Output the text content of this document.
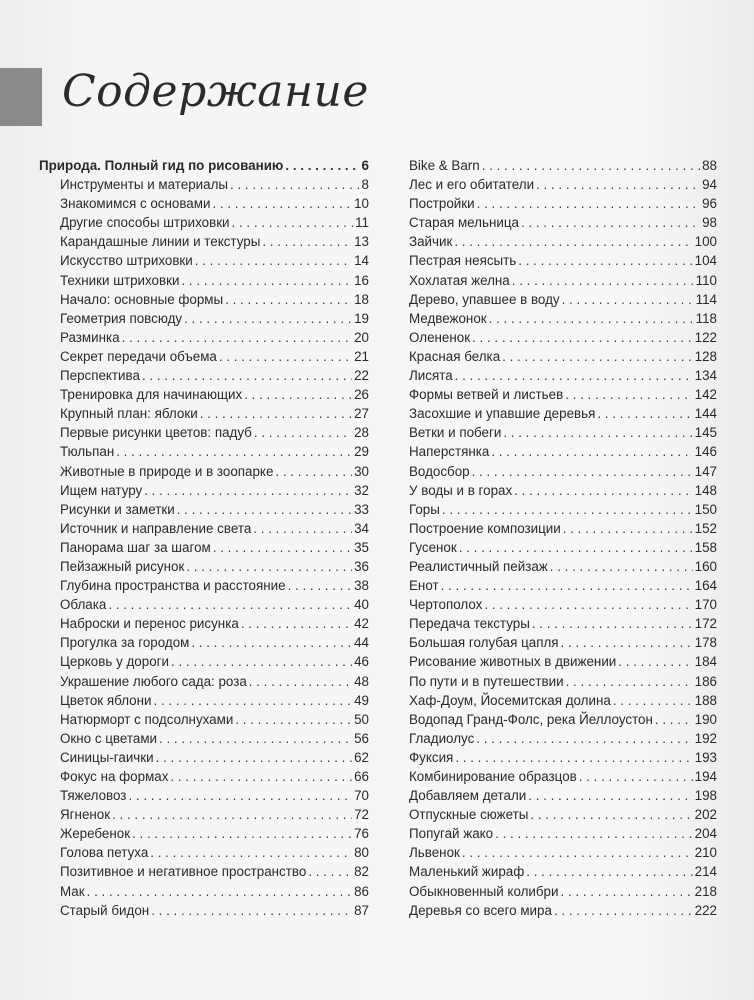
Содержание
Природа. Полный гид по рисованию . . .	6
Инструменты и материалы . . .	8
Знакомимся с основами . . .	10
Другие способы штриховки . . .	11
Карандашные линии и текстуры . . .	13
Искусство штриховки . . .	14
Техники штриховки . . .	16
Начало: основные формы . . .	18
Геометрия повсюду . . .	19
Разминка . . .	20
Секрет передачи объема . . .	21
Перспектива . . .	22
Тренировка для начинающих . . .	26
Крупный план: яблоки . . .	27
Первые рисунки цветов: падуб . . .	28
Тюльпан . . .	29
Животные в природе и в зоопарке . . .	30
Ищем натуру . . .	32
Рисунки и заметки . . .	33
Источник и направление света . . .	34
Панорама шаг за шагом . . .	35
Пейзажный рисунок . . .	36
Глубина пространства и расстояние . . .	38
Облака . . .	40
Наброски и перенос рисунка . . .	42
Прогулка за городом . . .	44
Церковь у дороги . . .	46
Украшение любого сада: роза . . .	48
Цветок яблони . . .	49
Натюрморт с подсолнухами . . .	50
Окно с цветами . . .	56
Синицы-гаички . . .	62
Фокус на формах . . .	66
Тяжеловоз . . .	70
Ягненок . . .	72
Жеребенок . . .	76
Голова петуха . . .	80
Позитивное и негативное пространство . . .	82
Мак . . .	86
Старый бидон . . .	87
Bike & Barn . . .	88
Лес и его обитатели . . .	94
Постройки . . .	96
Старая мельница . . .	98
Зайчик . . .	100
Пестрая неясыть . . .	104
Хохлатая желна . . .	110
Дерево, упавшее в воду . . .	114
Медвежонок . . .	118
Олененок . . .	122
Красная белка . . .	128
Лисята . . .	134
Формы ветвей и листьев . . .	142
Засохшие и упавшие деревья . . .	144
Ветки и побеги . . .	145
Наперстянка . . .	146
Водосбор . . .	147
У воды и в горах . . .	148
Горы . . .	150
Построение композиции . . .	152
Гусенок . . .	158
Реалистичный пейзаж . . .	160
Енот . . .	164
Чертополох . . .	170
Передача текстуры . . .	172
Большая голубая цапля . . .	178
Рисование животных в движении . . .	184
По пути и в путешествии . . .	186
Хаф-Доум, Йосемитская долина . . .	188
Водопад Гранд-Фолс, река Йеллоустон . . .	190
Гладиолус . . .	192
Фуксия . . .	193
Комбинирование образцов . . .	194
Добавляем детали . . .	198
Отпускные сюжеты . . .	202
Попугай жако . . .	204
Львенок . . .	210
Маленький жираф . . .	214
Обыкновенный колибри . . .	218
Деревья со всего мира . . .	222
